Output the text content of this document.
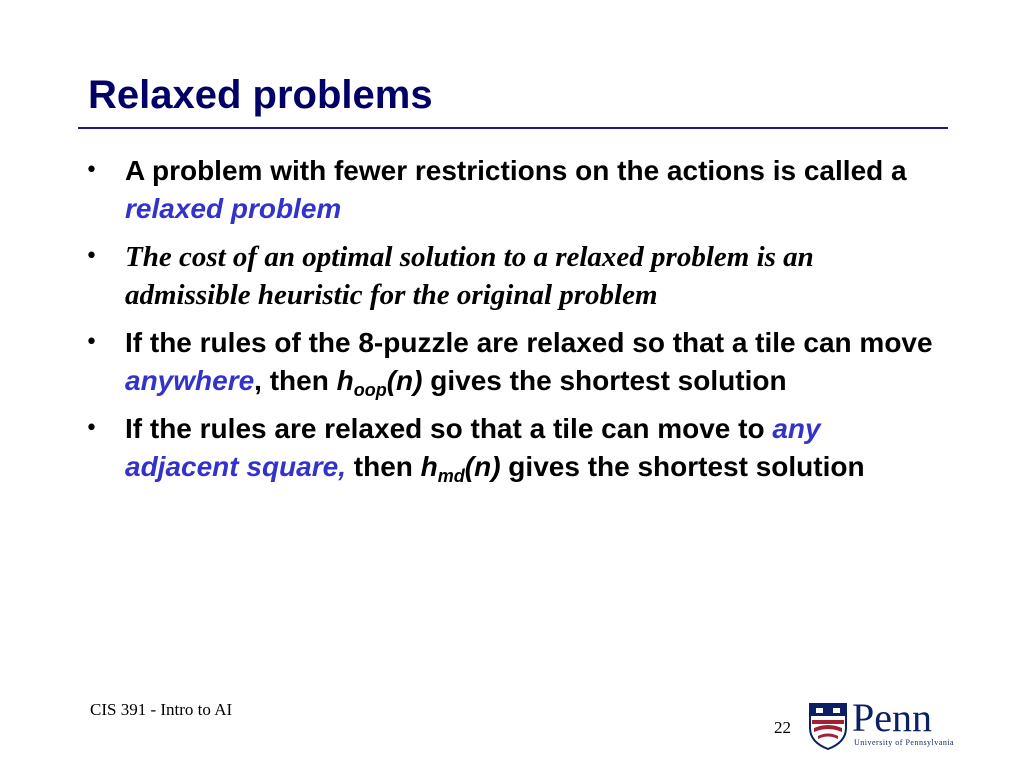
Relaxed problems
• A problem with fewer restrictions on the actions is called a relaxed problem
• The cost of an optimal solution to a relaxed problem is an admissible heuristic for the original problem
• If the rules of the 8-puzzle are relaxed so that a tile can move anywhere, then $h_{oop}(n)$ gives the shortest solution
• If the rules are relaxed so that a tile can move to any adjacent square, then $h_{md}(n)$ gives the shortest solution
CIS 391 - Intro to AI
22 Penn
University of Pennsylvania
